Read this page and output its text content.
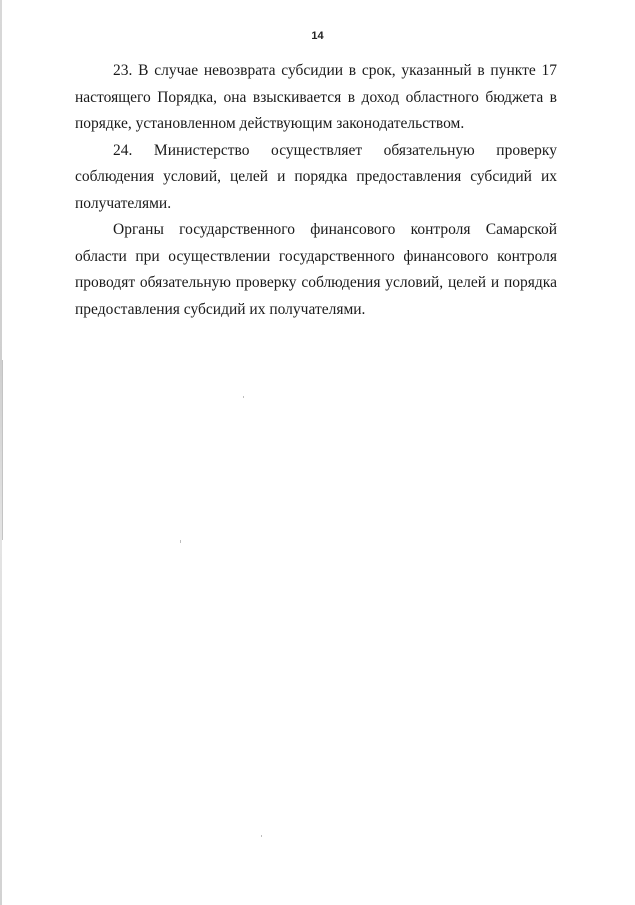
14

23. В случае невозврата субсидии в срок, указанный в пункте 17 настоящего Порядка, она взыскивается в доход областного бюджета в порядке, установленном действующим законодательством.

24. Министерство осуществляет обязательную проверку соблюдения условий, целей и порядка предоставления субсидий их получателями.

Органы государственного финансового контроля Самарской области при осуществлении государственного финансового контроля проводят обязательную проверку соблюдения условий, целей и порядка предоставления субсидий их получателями.
